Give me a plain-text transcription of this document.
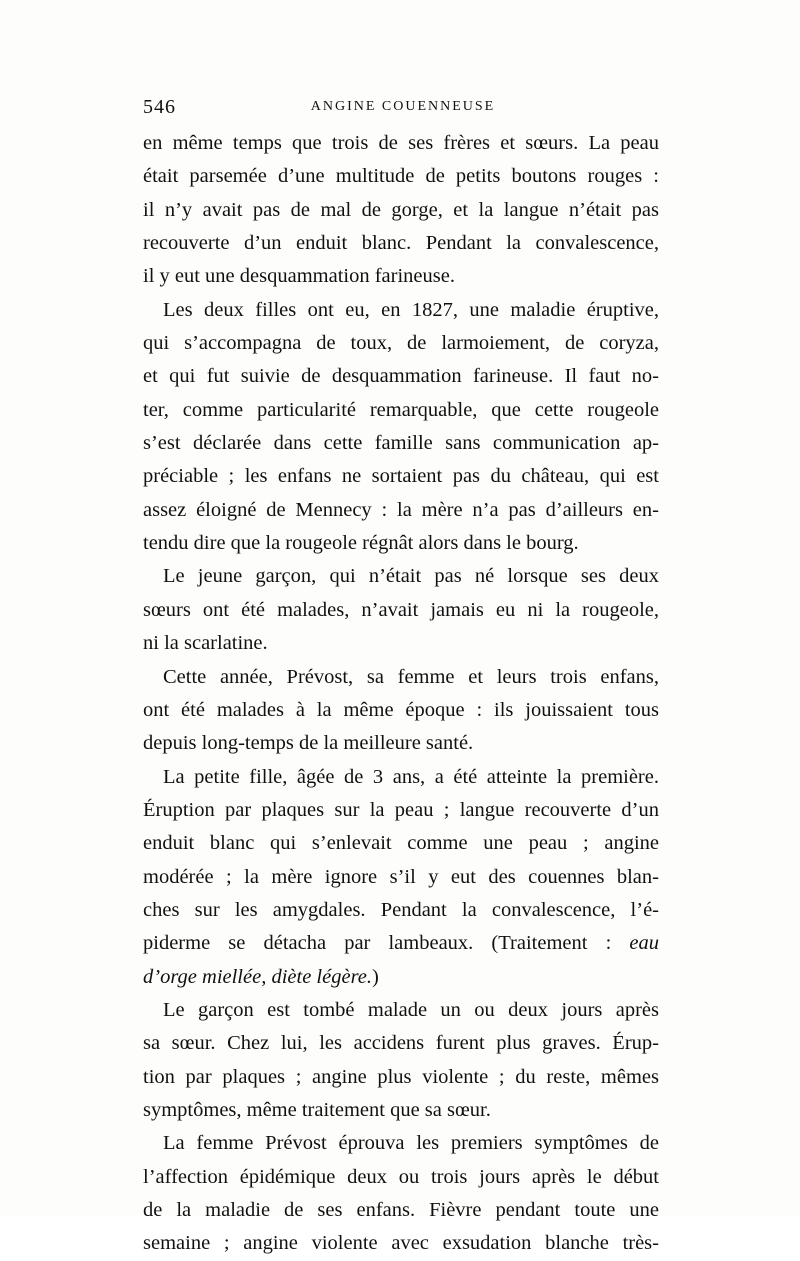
546	ANGINE COUENNEUSE
en même temps que trois de ses frères et sœurs. La peau
était parsemée d’une multitude de petits boutons rouges :
il n’y avait pas de mal de gorge, et la langue n’était pas
recouverte d’un enduit blanc. Pendant la convalescence,
il y eut une desquammation farineuse.
Les deux filles ont eu, en 1827, une maladie éruptive,
qui s’accompagna de toux, de larmoiement, de coryza,
et qui fut suivie de desquammation farineuse. Il faut no-
ter, comme particularité remarquable, que cette rougeole
s’est déclarée dans cette famille sans communication ap-
préciable ; les enfans ne sortaient pas du château, qui est
assez éloigné de Mennecy : la mère n’a pas d’ailleurs en-
tendu dire que la rougeole régnât alors dans le bourg.
Le jeune garçon, qui n’était pas né lorsque ses deux
sœurs ont été malades, n’avait jamais eu ni la rougeole,
ni la scarlatine.
Cette année, Prévost, sa femme et leurs trois enfans,
ont été malades à la même époque : ils jouissaient tous
depuis long-temps de la meilleure santé.
La petite fille, âgée de 3 ans, a été atteinte la première.
Éruption par plaques sur la peau ; langue recouverte d’un
enduit blanc qui s’enlevait comme une peau ; angine
modérée ; la mère ignore s’il y eut des couennes blan-
ches sur les amygdales. Pendant la convalescence, l’é-
piderme se détacha par lambeaux. (Traitement : eau
d’orge miellée, diète légère.)
Le garçon est tombé malade un ou deux jours après
sa sœur. Chez lui, les accidens furent plus graves. Érup-
tion par plaques ; angine plus violente ; du reste, mêmes
symptômes, même traitement que sa sœur.
La femme Prévost éprouva les premiers symptômes de
l’affection épidémique deux ou trois jours après le début
de la maladie de ses enfans. Fièvre pendant toute une
semaine ; angine violente avec exsudation blanche très-
